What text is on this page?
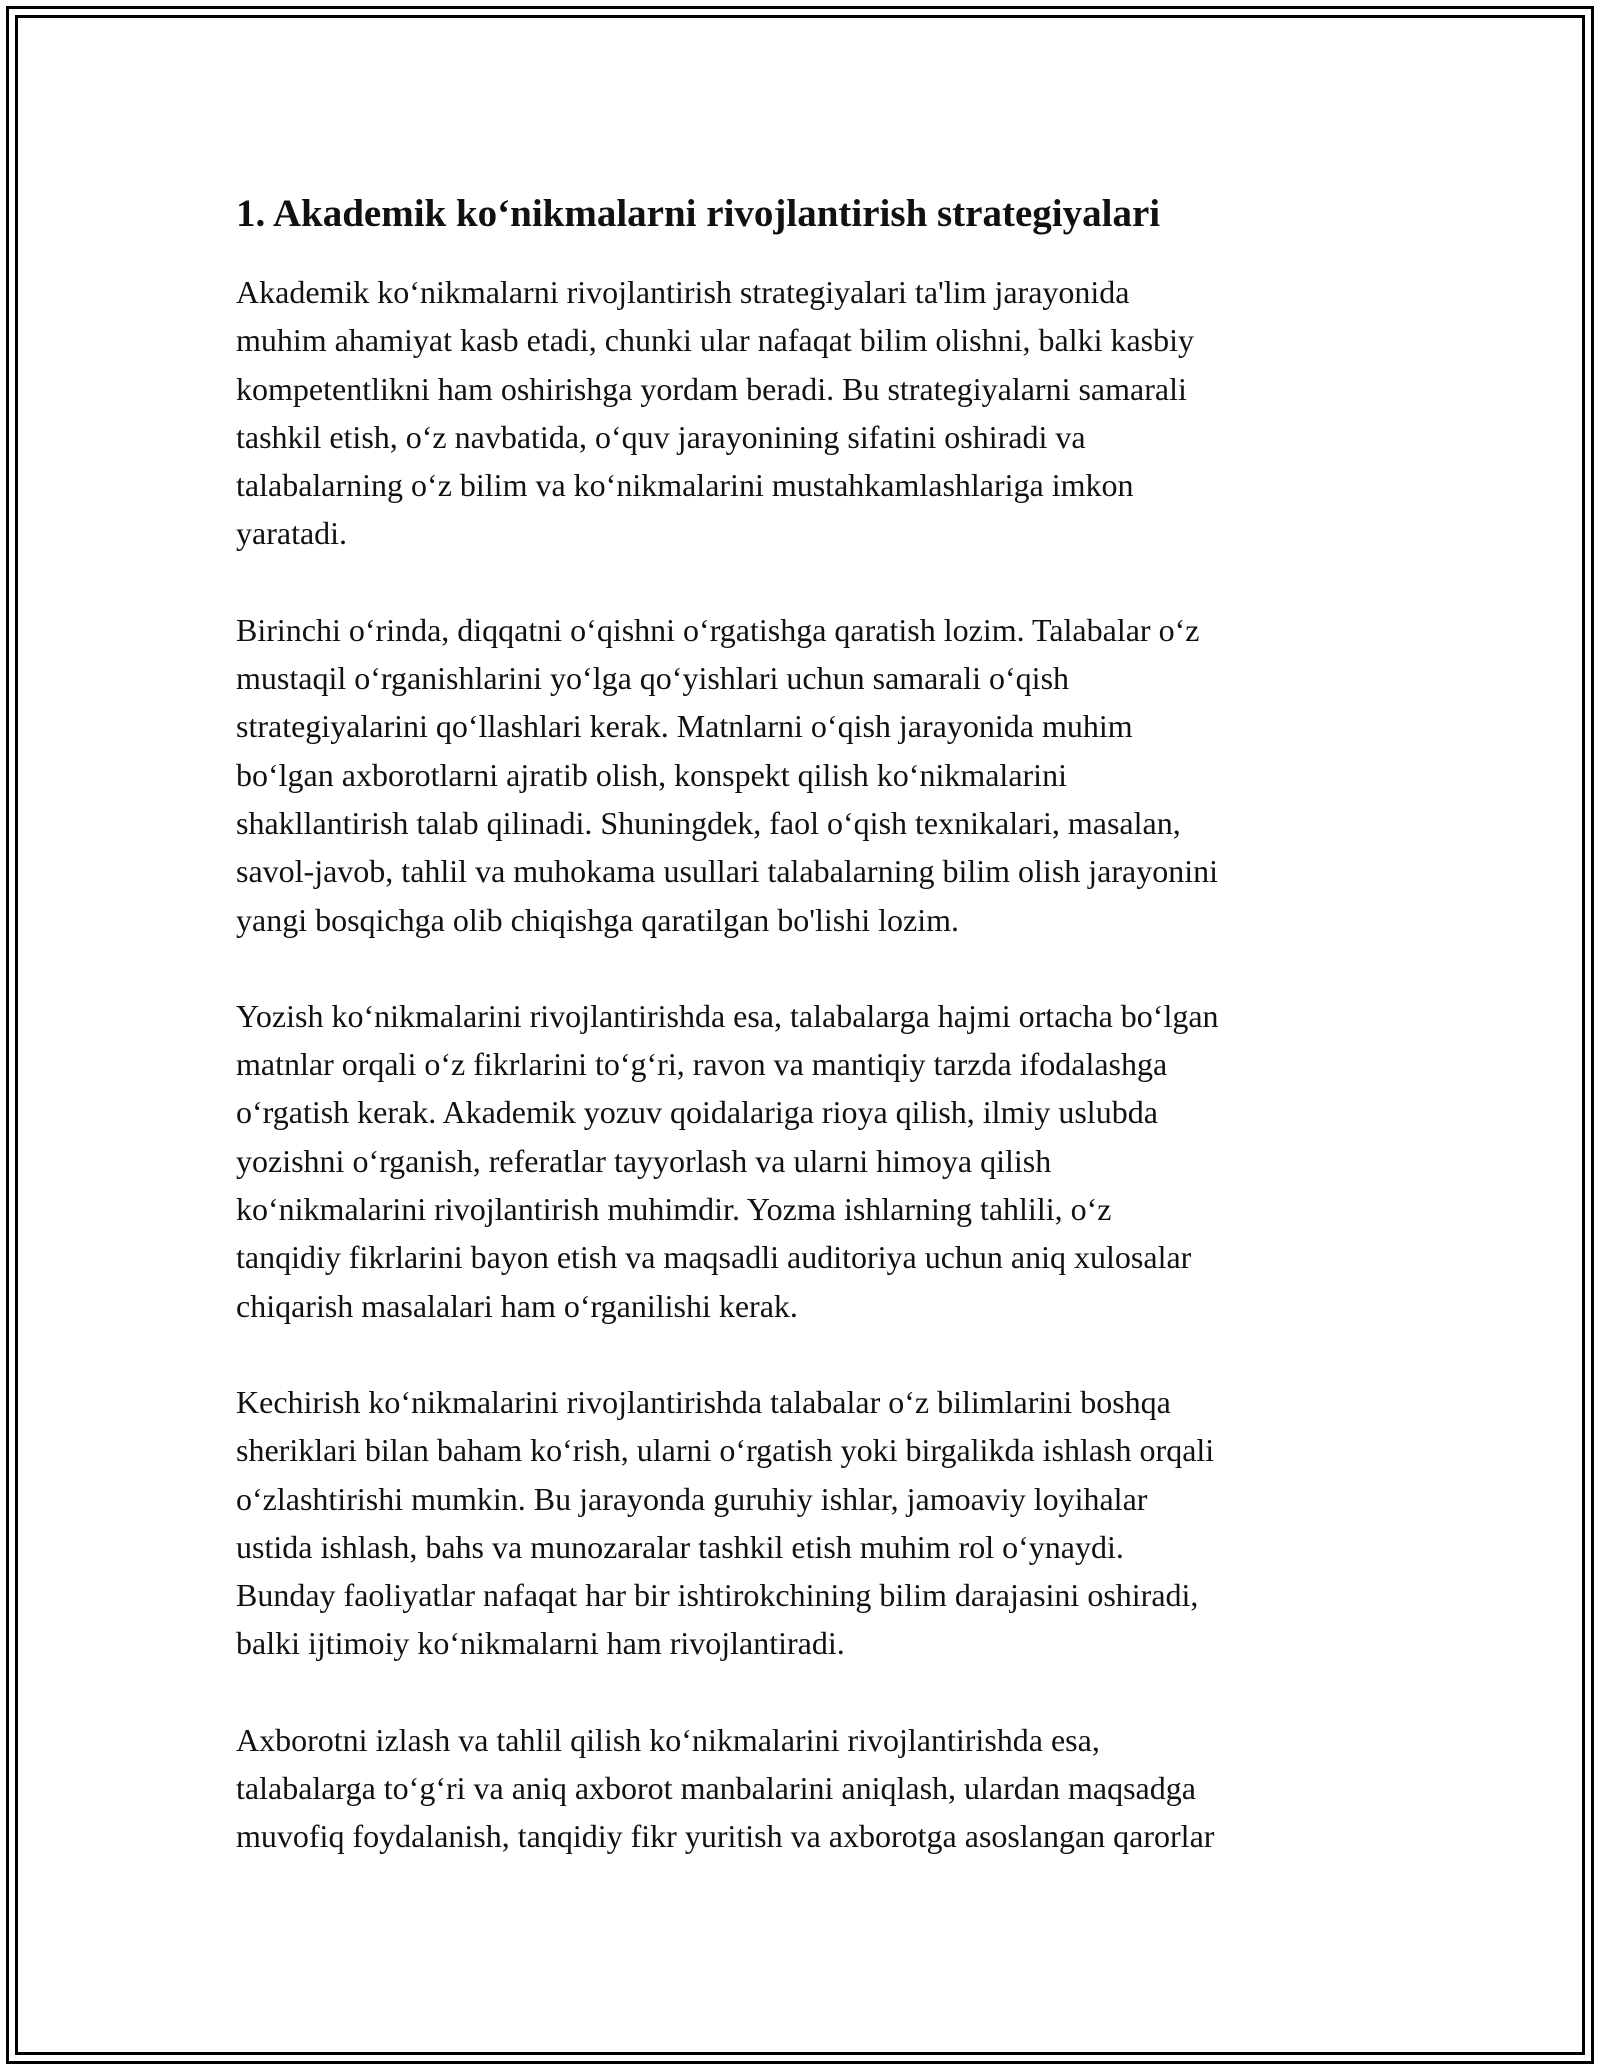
1. Akademik ko‘nikmalarni rivojlantirish strategiyalari

Akademik ko‘nikmalarni rivojlantirish strategiyalari ta'lim jarayonida
muhim ahamiyat kasb etadi, chunki ular nafaqat bilim olishni, balki kasbiy
kompetentlikni ham oshirishga yordam beradi. Bu strategiyalarni samarali
tashkil etish, o‘z navbatida, o‘quv jarayonining sifatini oshiradi va
talabalarning o‘z bilim va ko‘nikmalarini mustahkamlashlariga imkon
yaratadi.

Birinchi o‘rinda, diqqatni o‘qishni o‘rgatishga qaratish lozim. Talabalar o‘z
mustaqil o‘rganishlarini yo‘lga qo‘yishlari uchun samarali o‘qish
strategiyalarini qo‘llashlari kerak. Matnlarni o‘qish jarayonida muhim
bo‘lgan axborotlarni ajratib olish, konspekt qilish ko‘nikmalarini
shakllantirish talab qilinadi. Shuningdek, faol o‘qish texnikalari, masalan,
savol-javob, tahlil va muhokama usullari talabalarning bilim olish jarayonini
yangi bosqichga olib chiqishga qaratilgan bo'lishi lozim.

Yozish ko‘nikmalarini rivojlantirishda esa, talabalarga hajmi ortacha bo‘lgan
matnlar orqali o‘z fikrlarini to‘g‘ri, ravon va mantiqiy tarzda ifodalashga
o‘rgatish kerak. Akademik yozuv qoidalariga rioya qilish, ilmiy uslubda
yozishni o‘rganish, referatlar tayyorlash va ularni himoya qilish
ko‘nikmalarini rivojlantirish muhimdir. Yozma ishlarning tahlili, o‘z
tanqidiy fikrlarini bayon etish va maqsadli auditoriya uchun aniq xulosalar
chiqarish masalalari ham o‘rganilishi kerak.

Kechirish ko‘nikmalarini rivojlantirishda talabalar o‘z bilimlarini boshqa
sheriklari bilan baham ko‘rish, ularni o‘rgatish yoki birgalikda ishlash orqali
o‘zlashtirishi mumkin. Bu jarayonda guruhiy ishlar, jamoaviy loyihalar
ustida ishlash, bahs va munozaralar tashkil etish muhim rol o‘ynaydi.
Bunday faoliyatlar nafaqat har bir ishtirokchining bilim darajasini oshiradi,
balki ijtimoiy ko‘nikmalarni ham rivojlantiradi.

Axborotni izlash va tahlil qilish ko‘nikmalarini rivojlantirishda esa,
talabalarga to‘g‘ri va aniq axborot manbalarini aniqlash, ulardan maqsadga
muvofiq foydalanish, tanqidiy fikr yuritish va axborotga asoslangan qarorlar
